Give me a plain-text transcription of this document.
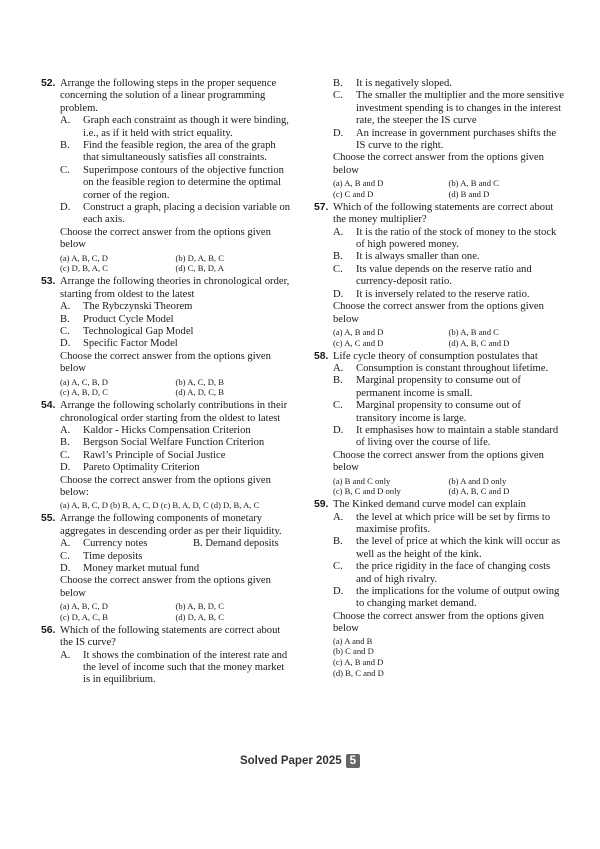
52. Arrange the following steps in the proper sequence concerning the solution of a linear programming problem.
A. Graph each constraint as though it were binding, i.e., as if it held with strict equality.
B. Find the feasible region, the area of the graph that simultaneously satisfies all constraints.
C. Superimpose contours of the objective function on the feasible region to determine the optimal corner of the region.
D. Construct a graph, placing a decision variable on each axis.
Choose the correct answer from the options given below
(a) A, B, C, D	(b) D, A, B, C
(c) D, B, A, C	(d) C, B, D, A
53. Arrange the following theories in chronological order, starting from oldest to the latest
A. The Rybczynski Theorem
B. Product Cycle Model
C. Technological Gap Model
D. Specific Factor Model
Choose the correct answer from the options given below
(a) A, C, B, D	(b) A, C, D, B
(c) A, B, D, C	(d) A, D, C, B
54. Arrange the following scholarly contributions in their chronological order starting from the oldest to latest
A. Kaldor - Hicks Compensation Criterion
B. Bergson Social Welfare Function Criterion
C. Rawl’s Principle of Social Justice
D. Pareto Optimality Criterion
Choose the correct answer from the options given below:
(a) A, B, C, D (b) B, A, C, D (c) B, A, D, C (d) D, B, A, C
55. Arrange the following components of monetary aggregates in descending order as per their liquidity.
A. Currency notes	B. Demand deposits
C. Time deposits
D. Money market mutual fund
Choose the correct answer from the options given below
(a) A, B, C, D	(b) A, B, D, C
(c) D, A, C, B	(d) D, A, B, C
56. Which of the following statements are correct about the IS curve?
A. It shows the combination of the interest rate and the level of income such that the money market is in equilibrium.
B. It is negatively sloped.
C. The smaller the multiplier and the more sensitive investment spending is to changes in the interest rate, the steeper the IS curve
D. An increase in government purchases shifts the IS curve to the right.
Choose the correct answer from the options given below
(a) A, B and D	(b) A, B and C
(c) C and D	(d) B and D
57. Which of the following statements are correct about the money multiplier?
A. It is the ratio of the stock of money to the stock of high powered money.
B. It is always smaller than one.
C. Its value depends on the reserve ratio and currency-deposit ratio.
D. It is inversely related to the reserve ratio.
Choose the correct answer from the options given below
(a) A, B and D	(b) A, B and C
(c) A, C and D	(d) A, B, C and D
58. Life cycle theory of consumption postulates that
A. Consumption is constant throughout lifetime.
B. Marginal propensity to consume out of permanent income is small.
C. Marginal propensity to consume out of transitory income is large.
D. It emphasises how to maintain a stable standard of living over the course of life.
Choose the correct answer from the options given below
(a) B and C only	(b) A and D only
(c) B, C and D only	(d) A, B, C and D
59. The Kinked demand curve model can explain
A. the level at which price will be set by firms to maximise profits.
B. the level of price at which the kink will occur as well as the height of the kink.
C. the price rigidity in the face of changing costs and of high rivalry.
D. the implications for the volume of output owing to changing market demand.
Choose the correct answer from the options given below
(a) A and B
(b) C and D
(c) A, B and D
(d) B, C and D
Solved Paper 2025 5
